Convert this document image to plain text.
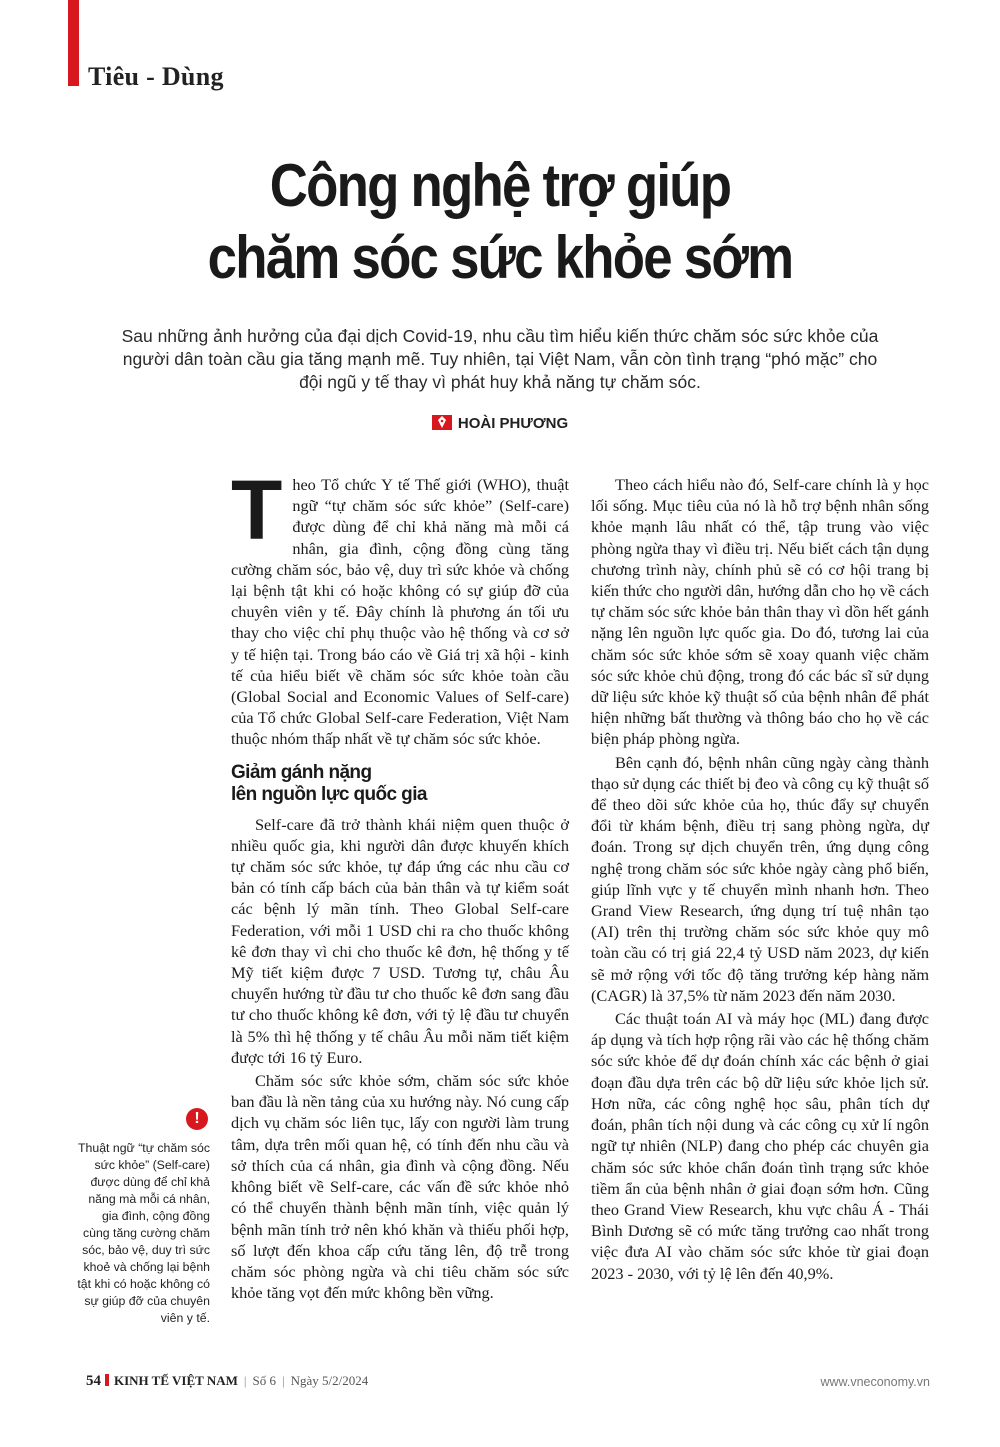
Tiêu - Dùng
Công nghệ trợ giúp
chăm sóc sức khỏe sớm
Sau những ảnh hưởng của đại dịch Covid-19, nhu cầu tìm hiểu kiến thức chăm sóc sức khỏe của người dân toàn cầu gia tăng mạnh mẽ. Tuy nhiên, tại Việt Nam, vẫn còn tình trạng “phó mặc” cho đội ngũ y tế thay vì phát huy khả năng tự chăm sóc.
HOÀI PHƯƠNG

Theo Tổ chức Y tế Thế giới (WHO), thuật ngữ “tự chăm sóc sức khỏe” (Self-care) được dùng để chỉ khả năng mà mỗi cá nhân, gia đình, cộng đồng cùng tăng cường chăm sóc, bảo vệ, duy trì sức khỏe và chống lại bệnh tật khi có hoặc không có sự giúp đỡ của chuyên viên y tế. Đây chính là phương án tối ưu thay cho việc chỉ phụ thuộc vào hệ thống và cơ sở y tế hiện tại. Trong báo cáo về Giá trị xã hội - kinh tế của hiểu biết về chăm sóc sức khỏe toàn cầu (Global Social and Economic Values of Self-care) của Tổ chức Global Self-care Federation, Việt Nam thuộc nhóm thấp nhất về tự chăm sóc sức khỏe.

Giảm gánh nặng
lên nguồn lực quốc gia

Self-care đã trở thành khái niệm quen thuộc ở nhiều quốc gia, khi người dân được khuyến khích tự chăm sóc sức khỏe, tự đáp ứng các nhu cầu cơ bản có tính cấp bách của bản thân và tự kiểm soát các bệnh lý mãn tính. Theo Global Self-care Federation, với mỗi 1 USD chi ra cho thuốc không kê đơn thay vì chi cho thuốc kê đơn, hệ thống y tế Mỹ tiết kiệm được 7 USD. Tương tự, châu Âu chuyển hướng từ đầu tư cho thuốc kê đơn sang đầu tư cho thuốc không kê đơn, với tỷ lệ đầu tư chuyển là 5% thì hệ thống y tế châu Âu mỗi năm tiết kiệm được tới 16 tỷ Euro.

Chăm sóc sức khỏe sớm, chăm sóc sức khỏe ban đầu là nền tảng của xu hướng này. Nó cung cấp dịch vụ chăm sóc liên tục, lấy con người làm trung tâm, dựa trên mối quan hệ, có tính đến nhu cầu và sở thích của cá nhân, gia đình và cộng đồng. Nếu không biết về Self-care, các vấn đề sức khỏe nhỏ có thể chuyển thành bệnh mãn tính, việc quản lý bệnh mãn tính trở nên khó khăn và thiếu phối hợp, số lượt đến khoa cấp cứu tăng lên, độ trễ trong chăm sóc phòng ngừa và chi tiêu chăm sóc sức khỏe tăng vọt đến mức không bền vững.

Theo cách hiểu nào đó, Self-care chính là y học lối sống. Mục tiêu của nó là hỗ trợ bệnh nhân sống khỏe mạnh lâu nhất có thể, tập trung vào việc phòng ngừa thay vì điều trị. Nếu biết cách tận dụng chương trình này, chính phủ sẽ có cơ hội trang bị kiến thức cho người dân, hướng dẫn cho họ về cách tự chăm sóc sức khỏe bản thân thay vì dồn hết gánh nặng lên nguồn lực quốc gia. Do đó, tương lai của chăm sóc sức khỏe sớm sẽ xoay quanh việc chăm sóc sức khỏe chủ động, trong đó các bác sĩ sử dụng dữ liệu sức khỏe kỹ thuật số của bệnh nhân để phát hiện những bất thường và thông báo cho họ về các biện pháp phòng ngừa.

Bên cạnh đó, bệnh nhân cũng ngày càng thành thạo sử dụng các thiết bị đeo và công cụ kỹ thuật số để theo dõi sức khỏe của họ, thúc đẩy sự chuyển đổi từ khám bệnh, điều trị sang phòng ngừa, dự đoán. Trong sự dịch chuyển trên, ứng dụng công nghệ trong chăm sóc sức khỏe ngày càng phổ biến, giúp lĩnh vực y tế chuyển mình nhanh hơn. Theo Grand View Research, ứng dụng trí tuệ nhân tạo (AI) trên thị trường chăm sóc sức khỏe quy mô toàn cầu có trị giá 22,4 tỷ USD năm 2023, dự kiến sẽ mở rộng với tốc độ tăng trưởng kép hàng năm (CAGR) là 37,5% từ năm 2023 đến năm 2030.

Các thuật toán AI và máy học (ML) đang được áp dụng và tích hợp rộng rãi vào các hệ thống chăm sóc sức khỏe để dự đoán chính xác các bệnh ở giai đoạn đầu dựa trên các bộ dữ liệu sức khỏe lịch sử. Hơn nữa, các công nghệ học sâu, phân tích dự đoán, phân tích nội dung và các công cụ xử lí ngôn ngữ tự nhiên (NLP) đang cho phép các chuyên gia chăm sóc sức khỏe chẩn đoán tình trạng sức khỏe tiềm ẩn của bệnh nhân ở giai đoạn sớm hơn. Cũng theo Grand View Research, khu vực châu Á - Thái Bình Dương sẽ có mức tăng trưởng cao nhất trong việc đưa AI vào chăm sóc sức khỏe từ giai đoạn 2023 - 2030, với tỷ lệ lên đến 40,9%.

!
Thuật ngữ “tự chăm sóc sức khỏe” (Self-care) được dùng để chỉ khả năng mà mỗi cá nhân, gia đình, cộng đồng cùng tăng cường chăm sóc, bảo vệ, duy trì sức khoẻ và chống lại bệnh tật khi có hoặc không có sự giúp đỡ của chuyên viên y tế.
54 KINH TẾ VIỆT NAM | Số 6 | Ngày 5/2/2024	www.vneconomy.vn
